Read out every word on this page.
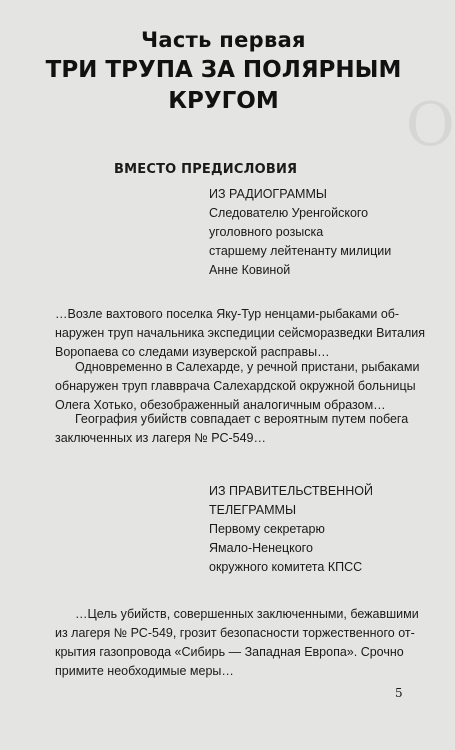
О
Часть первая
ТРИ ТРУПА ЗА ПОЛЯРНЫМ
КРУГОМ
ВМЕСТО ПРЕДИСЛОВИЯ
ИЗ РАДИОГРАММЫ
Следователю Уренгойского
уголовного розыска
старшему лейтенанту милиции
Анне Ковиной
…Возле вахтового поселка Яку-Тур ненцами-рыбаками об-
наружен труп начальника экспедиции сейсморазведки Виталия
Воропаева со следами изуверской расправы…
Одновременно в Салехарде, у речной пристани, рыбаками
обнаружен труп главврача Салехардской окружной больницы
Олега Хотько, обезображенный аналогичным образом…
География убийств совпадает с вероятным путем побега
заключенных из лагеря № РС-549…
ИЗ ПРАВИТЕЛЬСТВЕННОЙ
ТЕЛЕГРАММЫ
Первому секретарю
Ямало-Ненецкого
окружного комитета КПСС
…Цель убийств, совершенных заключенными, бежавшими
из лагеря № РС-549, грозит безопасности торжественного от-
крытия газопровода «Сибирь — Западная Европа». Срочно
примите необходимые меры…
5
